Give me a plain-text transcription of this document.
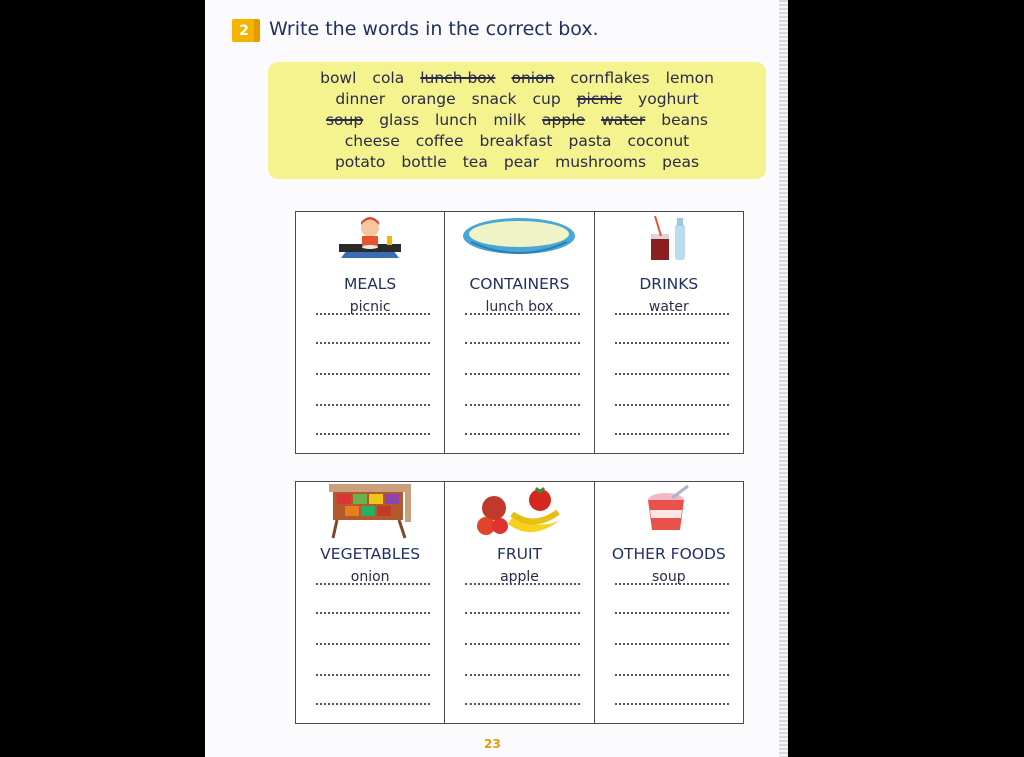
2 Write the words in the correct box.
bowl cola lunch box onion cornflakes lemon
dinner orange snack cup picnic yoghurt
soup glass lunch milk apple water beans
cheese coffee breakfast pasta coconut
potato bottle tea pear mushrooms peas
MEALS
picnic
CONTAINERS
lunch box
DRINKS
water
VEGETABLES
onion
FRUIT
apple
OTHER FOODS
soup
23
